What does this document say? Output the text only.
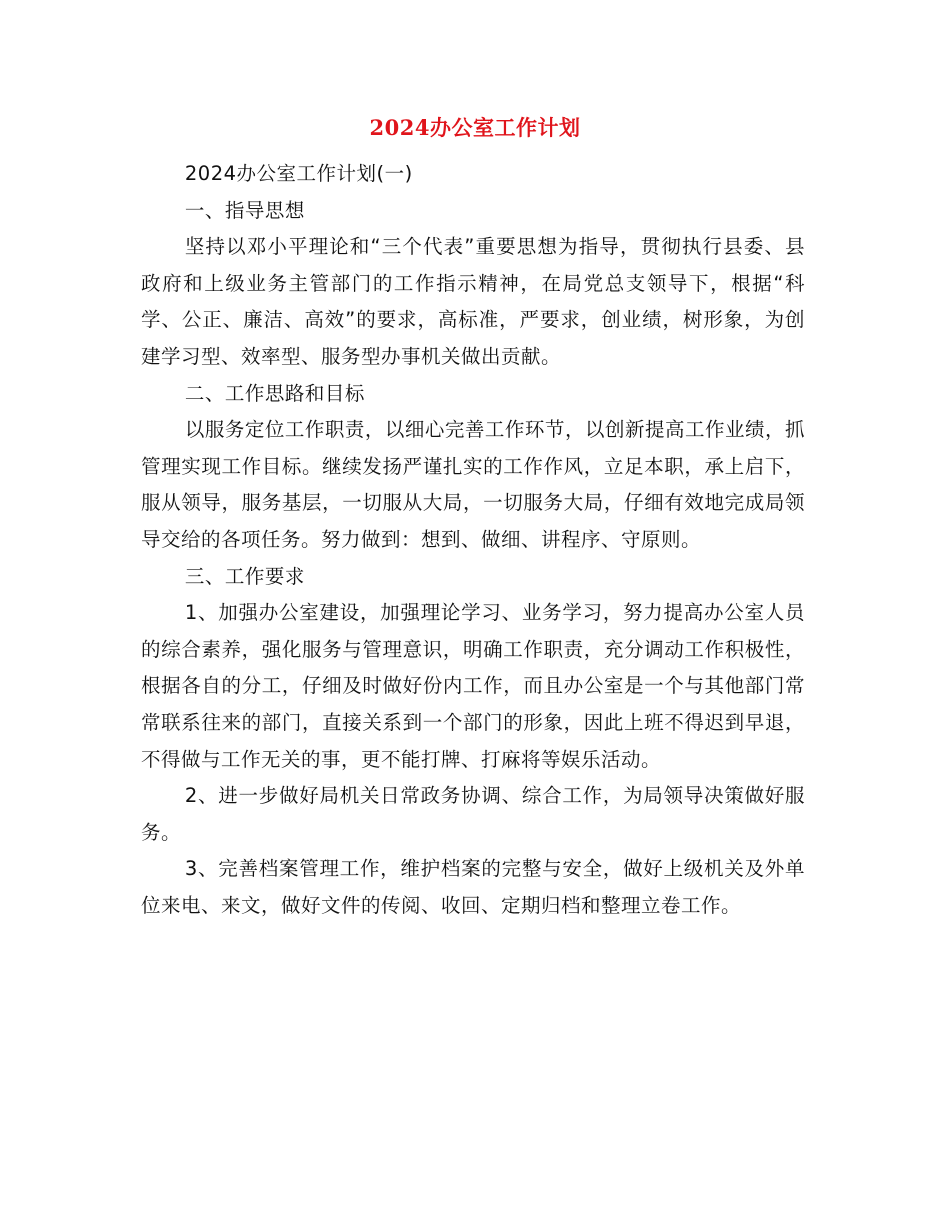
2024办公室工作计划

2024办公室工作计划(一)

一、指导思想

坚持以邓小平理论和“三个代表”重要思想为指导，贯彻执行县委、县政府和上级业务主管部门的工作指示精神，在局党总支领导下，根据“科学、公正、廉洁、高效”的要求，高标准，严要求，创业绩，树形象，为创建学习型、效率型、服务型办事机关做出贡献。

二、工作思路和目标

以服务定位工作职责，以细心完善工作环节，以创新提高工作业绩，抓管理实现工作目标。继续发扬严谨扎实的工作作风，立足本职，承上启下，服从领导，服务基层，一切服从大局，一切服务大局，仔细有效地完成局领导交给的各项任务。努力做到：想到、做细、讲程序、守原则。

三、工作要求

1、加强办公室建设，加强理论学习、业务学习，努力提高办公室人员的综合素养，强化服务与管理意识，明确工作职责，充分调动工作积极性，根据各自的分工，仔细及时做好份内工作，而且办公室是一个与其他部门常常联系往来的部门，直接关系到一个部门的形象，因此上班不得迟到早退，不得做与工作无关的事，更不能打牌、打麻将等娱乐活动。

2、进一步做好局机关日常政务协调、综合工作，为局领导决策做好服务。

3、完善档案管理工作，维护档案的完整与安全，做好上级机关及外单位来电、来文，做好文件的传阅、收回、定期归档和整理立卷工作。
